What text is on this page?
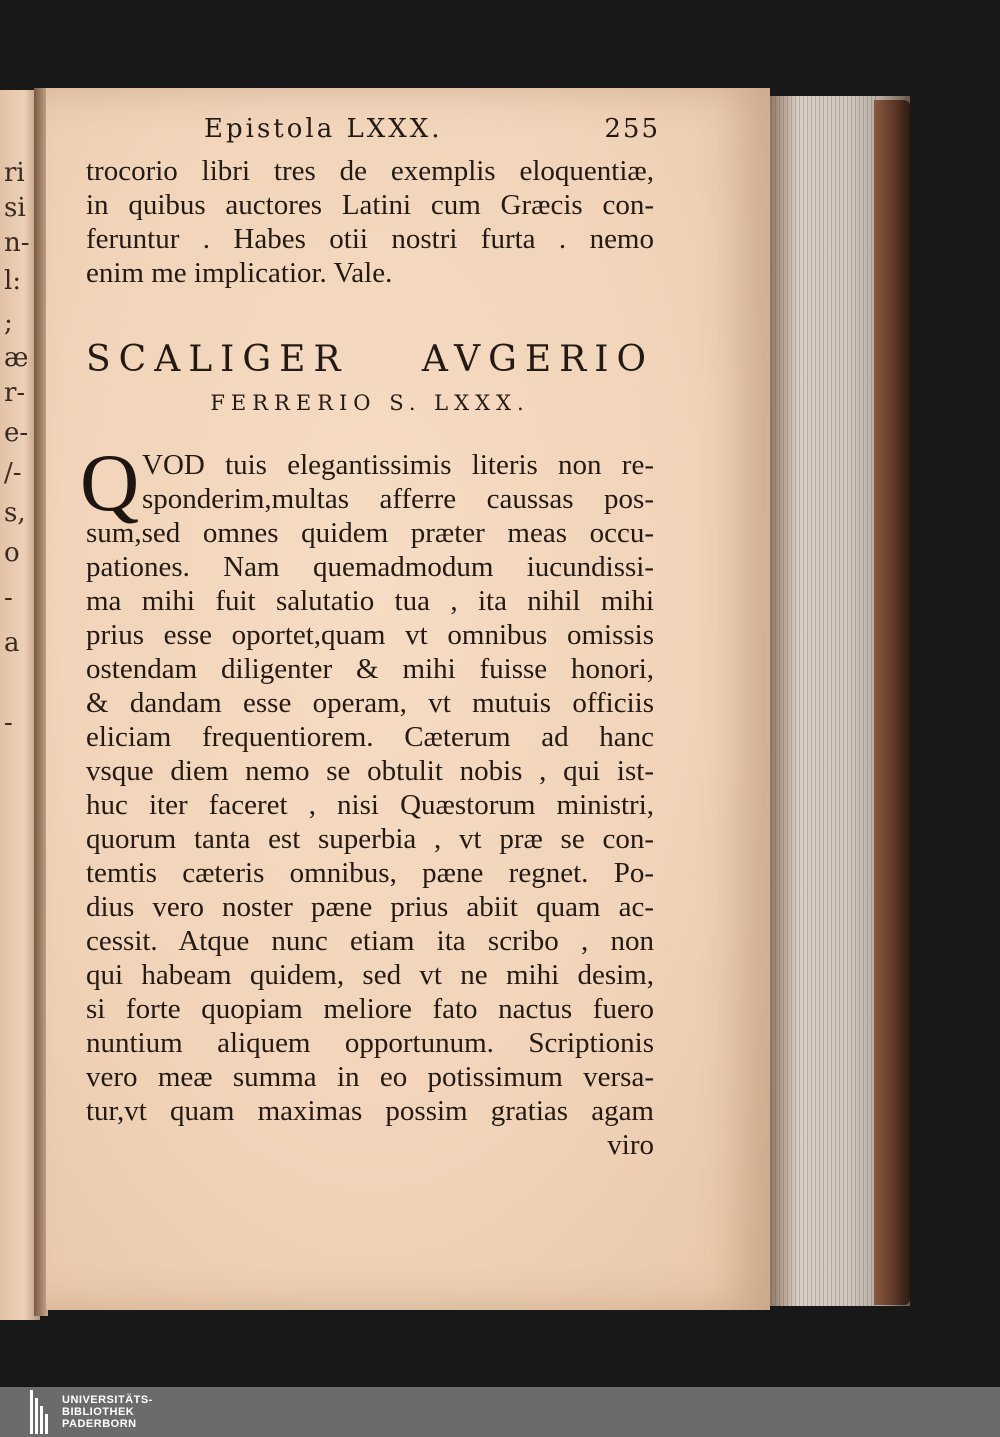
ri
si
n-
l:
;
æ
r-
e-
/-
s,
o
-
a
-
Epistola LXXX.	255
trocorio libri tres de exemplis eloquentiæ,
in quibus auctores Latini cum Græcis con-
feruntur . Habes otii nostri furta . nemo
enim me implicatior. Vale.
SCALIGER AVGERIO
FERRERIO S. LXXX.
Q VOD tuis elegantissimis literis non re-
sponderim,multas afferre caussas pos-
sum,sed omnes quidem præter meas occu-
pationes. Nam quemadmodum iucundissi-
ma mihi fuit salutatio tua , ita nihil mihi
prius esse oportet,quam vt omnibus omissis
ostendam diligenter & mihi fuisse honori,
& dandam esse operam, vt mutuis officiis
eliciam frequentiorem. Cæterum ad hanc
vsque diem nemo se obtulit nobis , qui ist-
huc iter faceret , nisi Quæstorum ministri,
quorum tanta est superbia , vt præ se con-
temtis cæteris omnibus, pæne regnet. Po-
dius vero noster pæne prius abiit quam ac-
cessit. Atque nunc etiam ita scribo , non
qui habeam quidem, sed vt ne mihi desim,
si forte quopiam meliore fato nactus fuero
nuntium aliquem opportunum. Scriptionis
vero meæ summa in eo potissimum versa-
tur,vt quam maximas possim gratias agam
viro
UNIVERSITÄTS-
BIBLIOTHEK
PADERBORN
